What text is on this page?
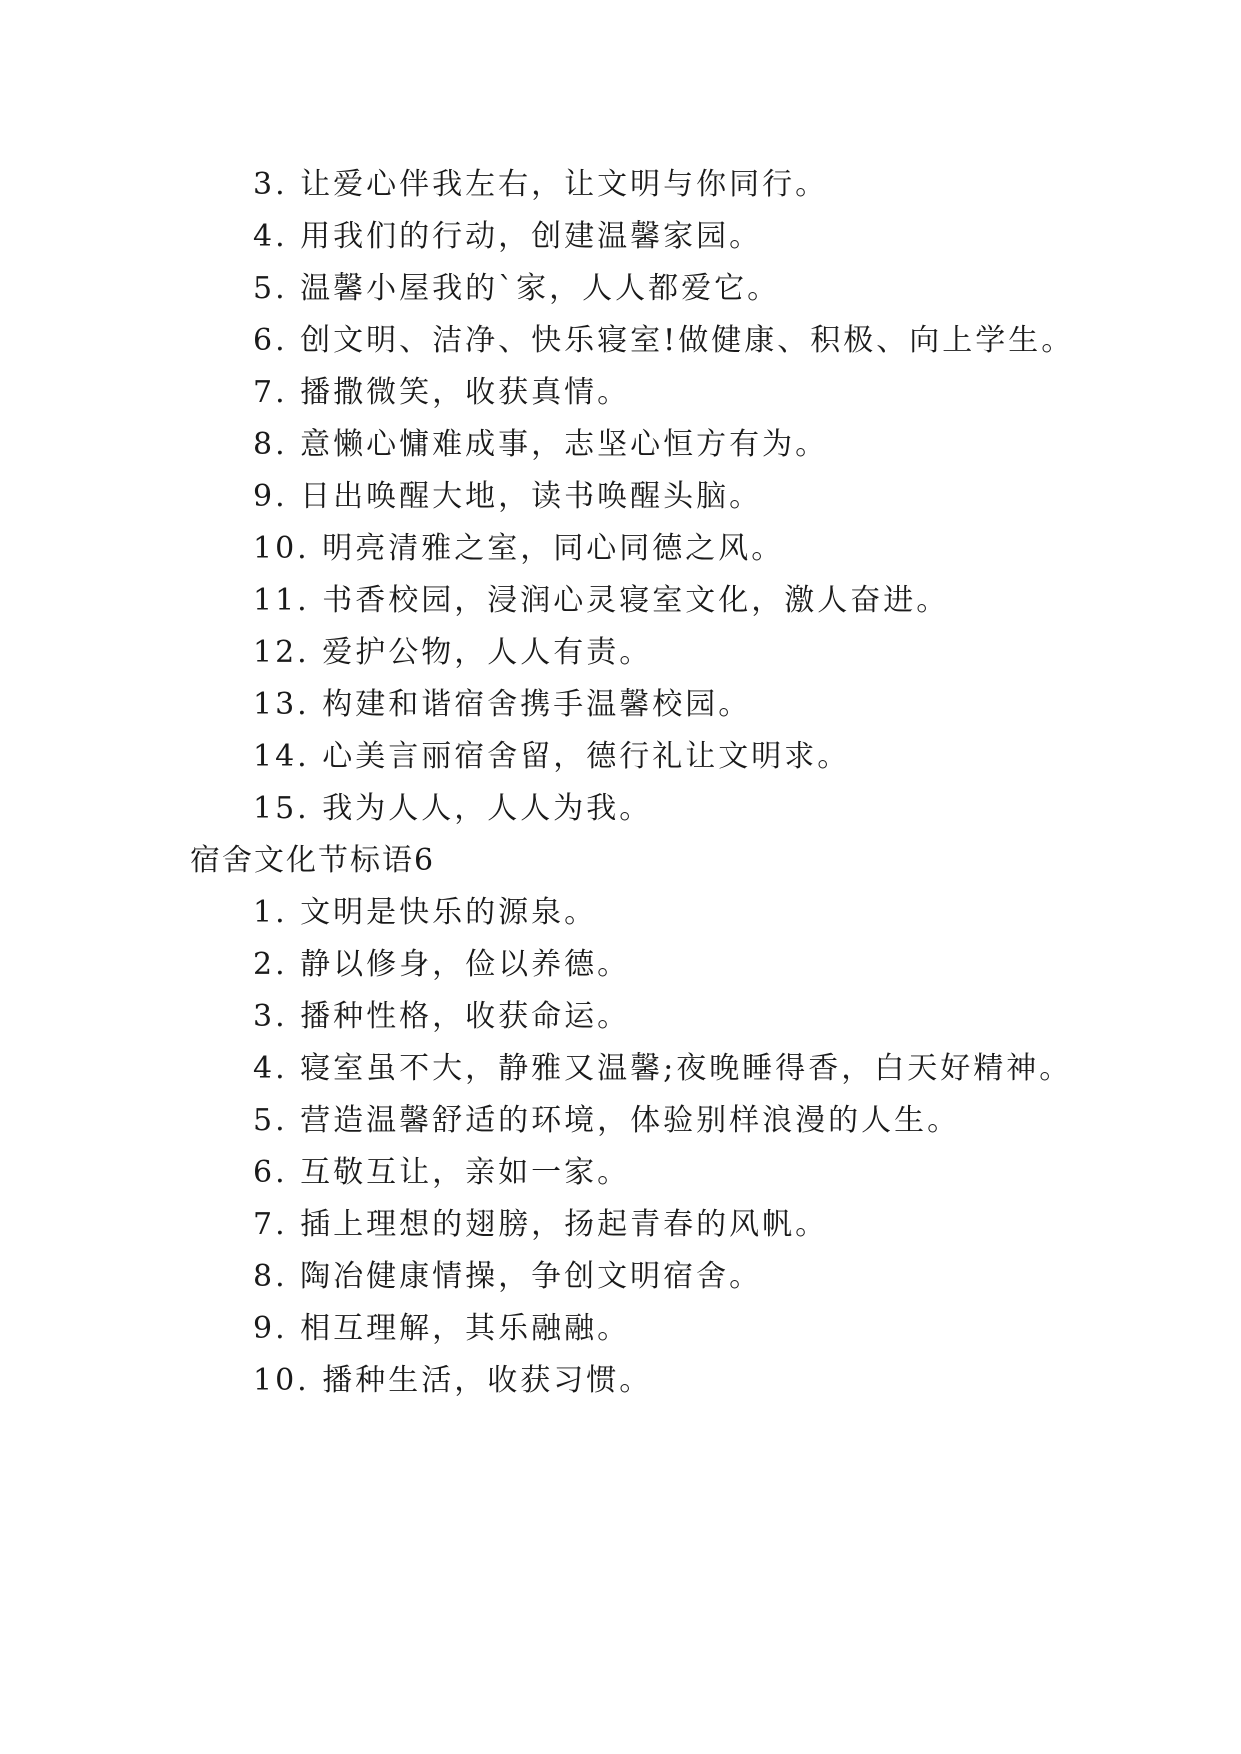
3. 让爱心伴我左右，让文明与你同行。
4. 用我们的行动，创建温馨家园。
5. 温馨小屋我的`家，人人都爱它。
6. 创文明、洁净、快乐寝室!做健康、积极、向上学生。
7. 播撒微笑，收获真情。
8. 意懒心慵难成事，志坚心恒方有为。
9. 日出唤醒大地，读书唤醒头脑。
10. 明亮清雅之室，同心同德之风。
11. 书香校园，浸润心灵寝室文化，激人奋进。
12. 爱护公物，人人有责。
13. 构建和谐宿舍携手温馨校园。
14. 心美言丽宿舍留，德行礼让文明求。
15. 我为人人，人人为我。
宿舍文化节标语6
1. 文明是快乐的源泉。
2. 静以修身，俭以养德。
3. 播种性格，收获命运。
4. 寝室虽不大，静雅又温馨;夜晚睡得香，白天好精神。
5. 营造温馨舒适的环境，体验别样浪漫的人生。
6. 互敬互让，亲如一家。
7. 插上理想的翅膀，扬起青春的风帆。
8. 陶冶健康情操，争创文明宿舍。
9. 相互理解，其乐融融。
10. 播种生活，收获习惯。
